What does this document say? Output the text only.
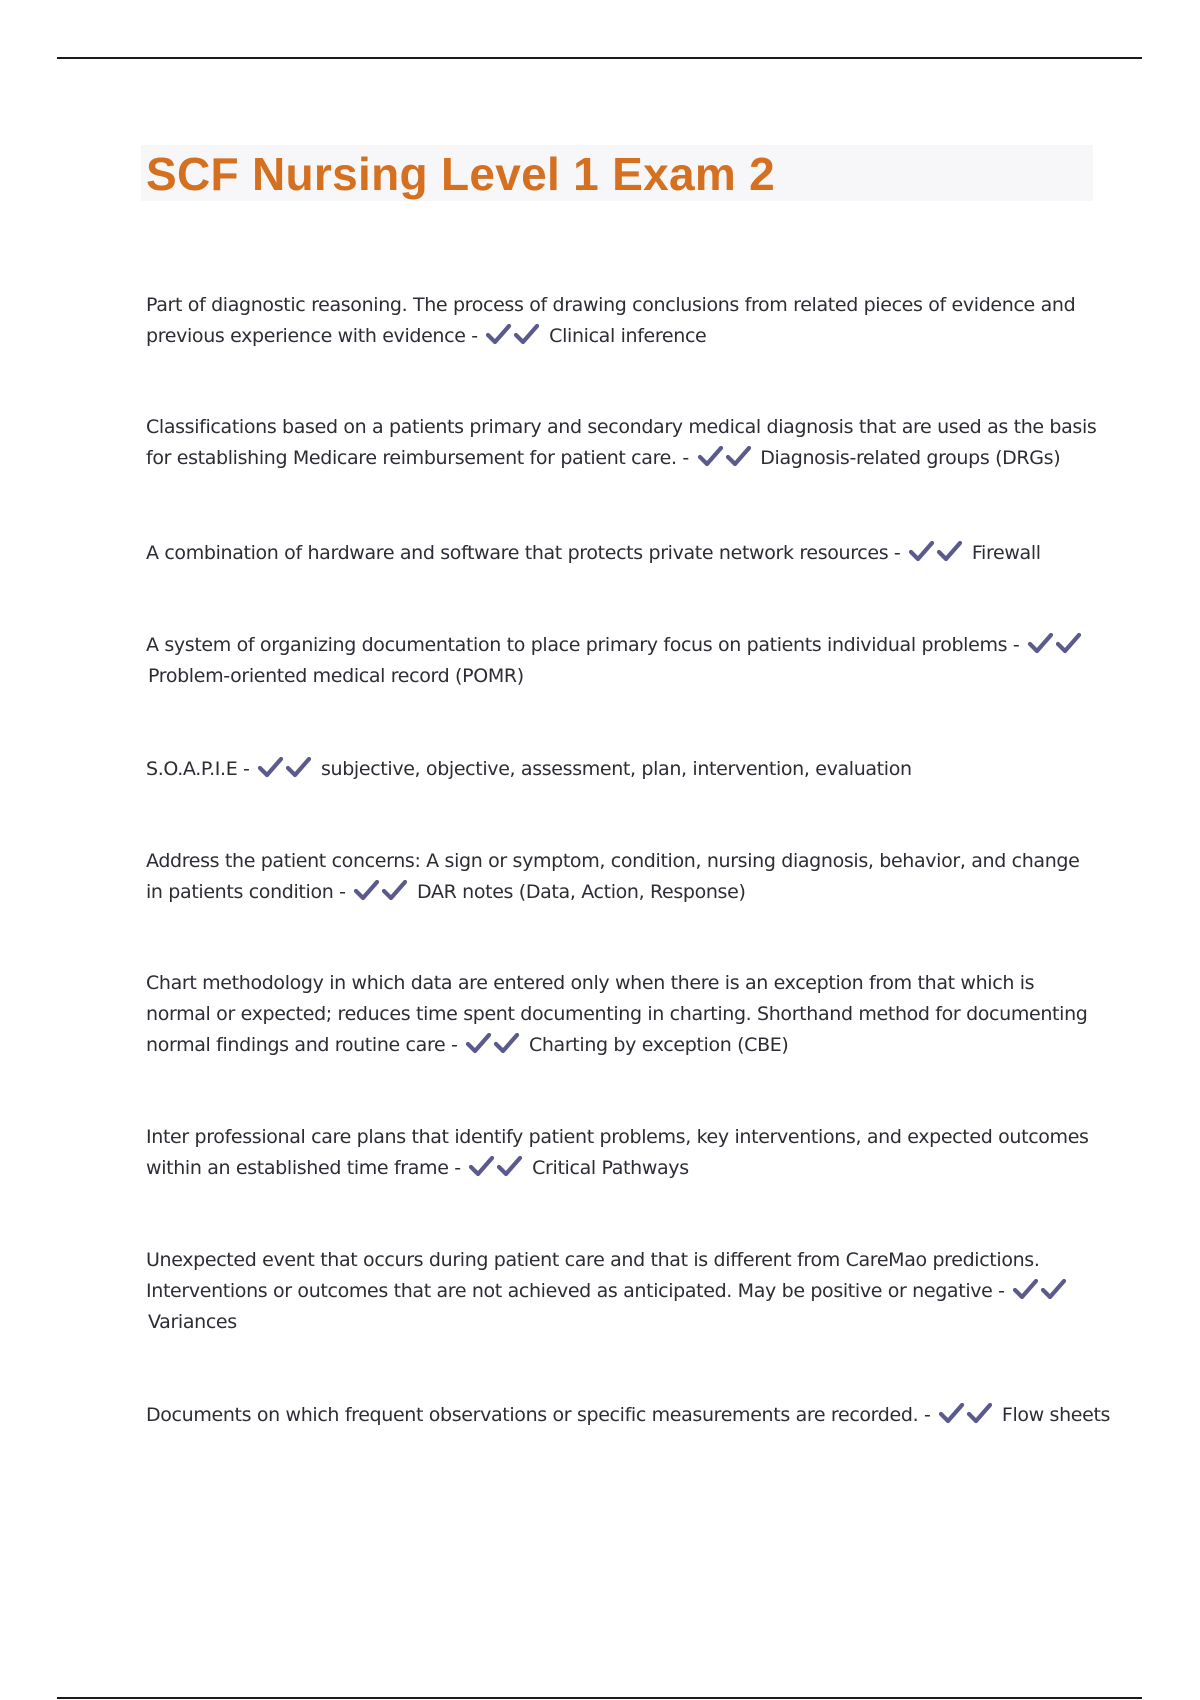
SCF Nursing Level 1 Exam 2

Part of diagnostic reasoning. The process of drawing conclusions from related pieces of evidence and previous experience with evidence -	Clinical inference

Classifications based on a patients primary and secondary medical diagnosis that are used as the basis for establishing Medicare reimbursement for patient care. -	Diagnosis-related groups (DRGs)

A combination of hardware and software that protects private network resources -	Firewall

A system of organizing documentation to place primary focus on patients individual problems -
Problem-oriented medical record (POMR)

S.O.A.P.I.E -	subjective, objective, assessment, plan, intervention, evaluation

Address the patient concerns: A sign or symptom, condition, nursing diagnosis, behavior, and change in patients condition -	DAR notes (Data, Action, Response)

Chart methodology in which data are entered only when there is an exception from that which is normal or expected; reduces time spent documenting in charting. Shorthand method for documenting normal findings and routine care -	Charting by exception (CBE)

Inter professional care plans that identify patient problems, key interventions, and expected outcomes within an established time frame -	Critical Pathways

Unexpected event that occurs during patient care and that is different from CareMao predictions. Interventions or outcomes that are not achieved as anticipated. May be positive or negative -
Variances

Documents on which frequent observations or specific measurements are recorded. -	Flow sheets
